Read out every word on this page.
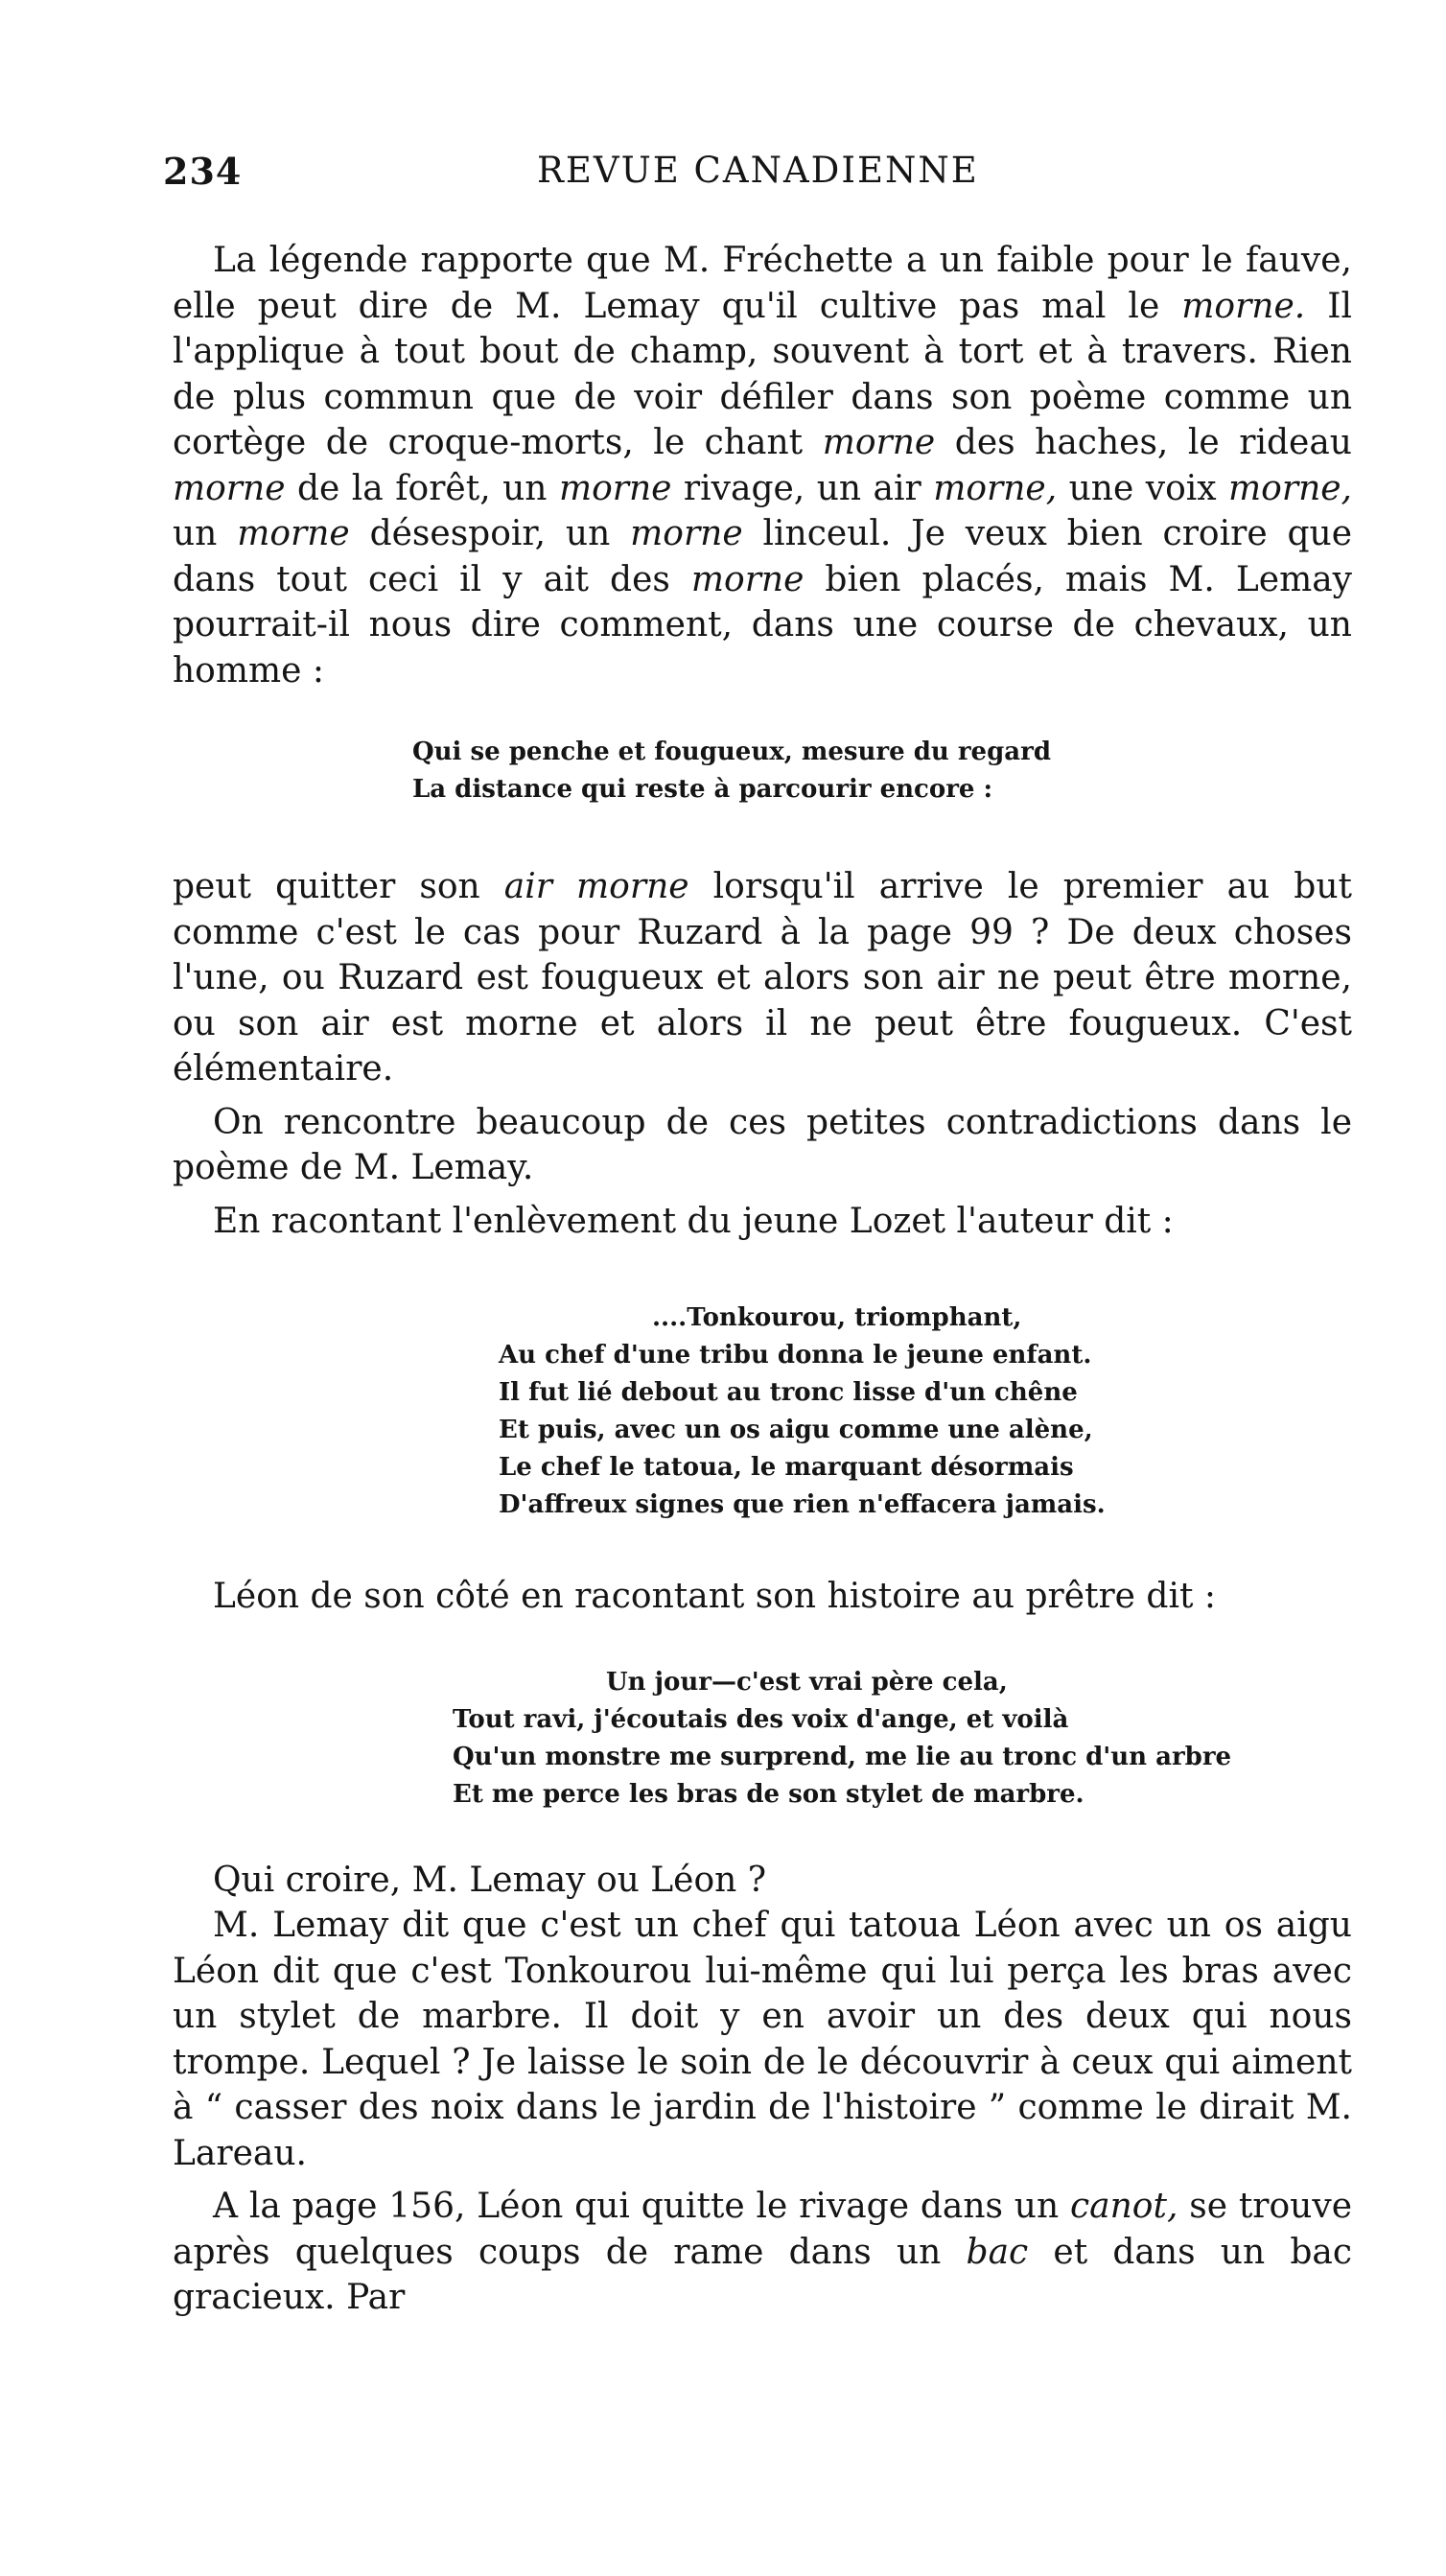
234	REVUE CANADIENNE

La légende rapporte que M. Fréchette a un faible pour le fauve, elle peut dire de M. Lemay qu'il cultive pas mal le morne. Il l'applique à tout bout de champ, souvent à tort et à travers. Rien de plus commun que de voir défiler dans son poème comme un cortège de croque-morts, le chant morne des haches, le rideau morne de la forêt, un morne rivage, un air morne, une voix morne, un morne désespoir, un morne linceul. Je veux bien croire que dans tout ceci il y ait des morne bien placés, mais M. Lemay pourrait-il nous dire comment, dans une course de chevaux, un homme :

Qui se penche et fougueux, mesure du regard
La distance qui reste à parcourir encore :

peut quitter son air morne lorsqu'il arrive le premier au but comme c'est le cas pour Ruzard à la page 99 ? De deux choses l'une, ou Ruzard est fougueux et alors son air ne peut être morne, ou son air est morne et alors il ne peut être fougueux. C'est élémentaire.

On rencontre beaucoup de ces petites contradictions dans le poème de M. Lemay.

En racontant l'enlèvement du jeune Lozet l'auteur dit :

....Tonkourou, triomphant,
Au chef d'une tribu donna le jeune enfant.
Il fut lié debout au tronc lisse d'un chêne
Et puis, avec un os aigu comme une alène,
Le chef le tatoua, le marquant désormais
D'affreux signes que rien n'effacera jamais.

Léon de son côté en racontant son histoire au prêtre dit :

Un jour—c'est vrai père cela,
Tout ravi, j'écoutais des voix d'ange, et voilà
Qu'un monstre me surprend, me lie au tronc d'un arbre
Et me perce les bras de son stylet de marbre.

Qui croire, M. Lemay ou Léon ?

M. Lemay dit que c'est un chef qui tatoua Léon avec un os aigu Léon dit que c'est Tonkourou lui-même qui lui perça les bras avec un stylet de marbre. Il doit y en avoir un des deux qui nous trompe. Lequel ? Je laisse le soin de le découvrir à ceux qui aiment à “ casser des noix dans le jardin de l'histoire ” comme le dirait M. Lareau.

A la page 156, Léon qui quitte le rivage dans un canot, se trouve après quelques coups de rame dans un bac et dans un bac gracieux. Par
